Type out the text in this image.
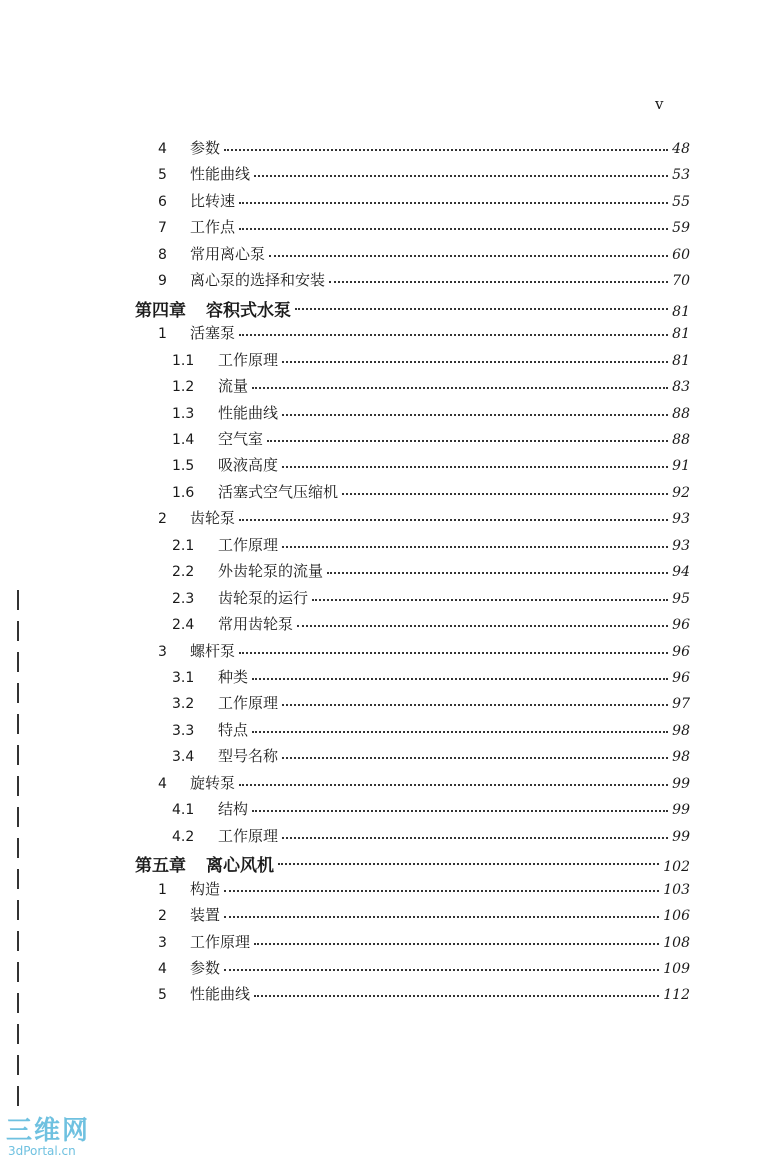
v
4	参数	48
5	性能曲线	53
6	比转速	55
7	工作点	59
8	常用离心泵	60
9	离心泵的选择和安装	70
第四章 容积式水泵	81
1	活塞泵	81
1.1	工作原理	81
1.2	流量	83
1.3	性能曲线	88
1.4	空气室	88
1.5	吸液高度	91
1.6	活塞式空气压缩机	92
2	齿轮泵	93
2.1	工作原理	93
2.2	外齿轮泵的流量	94
2.3	齿轮泵的运行	95
2.4	常用齿轮泵	96
3	螺杆泵	96
3.1	种类	96
3.2	工作原理	97
3.3	特点	98
3.4	型号名称	98
4	旋转泵	99
4.1	结构	99
4.2	工作原理	99
第五章 离心风机	102
1	构造	103
2	装置	106
3	工作原理	108
4	参数	109
5	性能曲线	112
三维网
3dPortal.cn
